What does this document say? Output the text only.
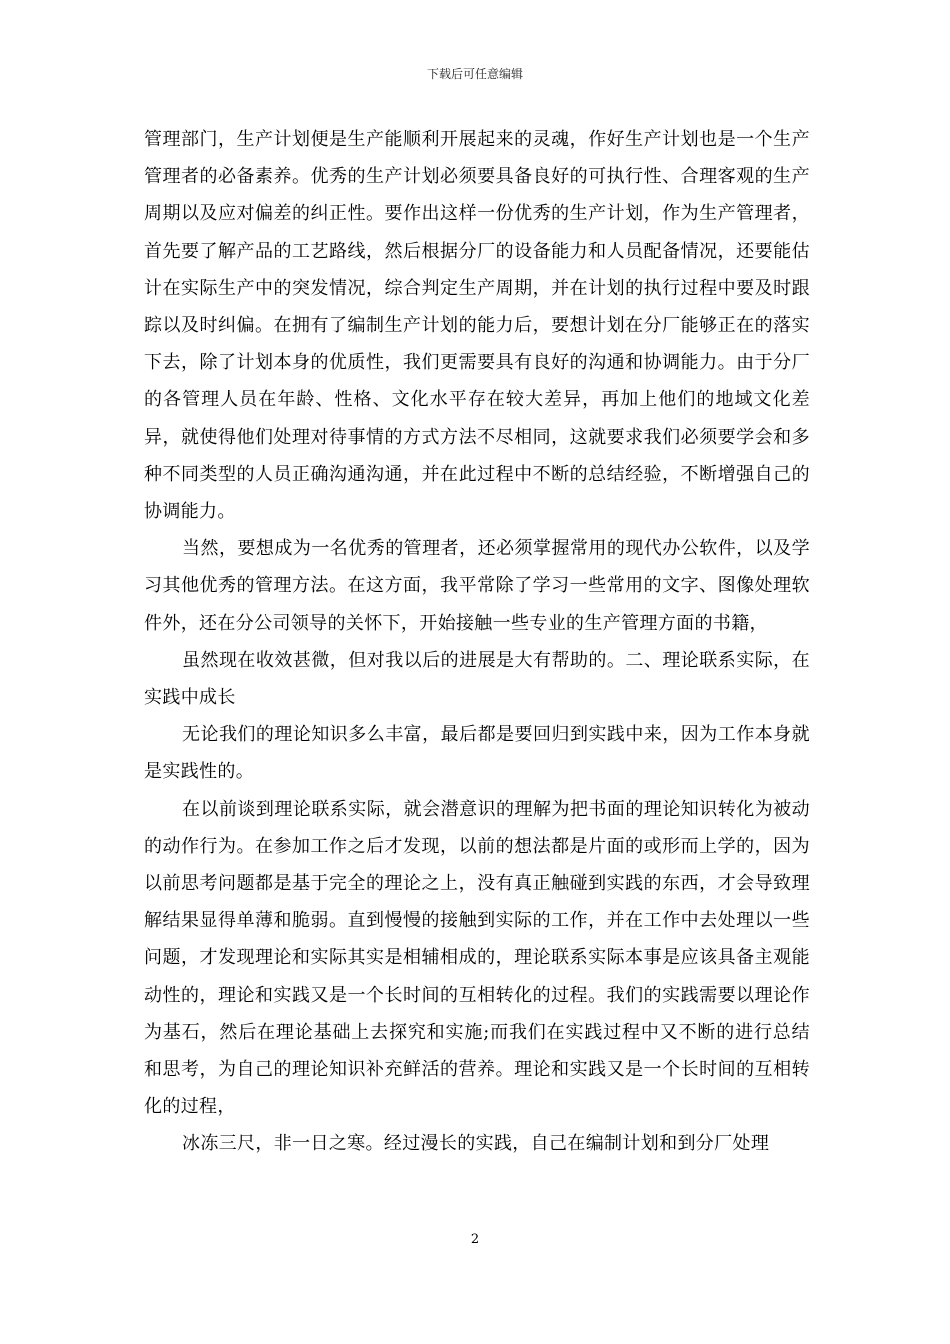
下载后可任意编辑

管理部门，生产计划便是生产能顺利开展起来的灵魂，作好生产计划也是一个生产管理者的必备素养。优秀的生产计划必须要具备良好的可执行性、合理客观的生产周期以及应对偏差的纠正性。要作出这样一份优秀的生产计划，作为生产管理者，首先要了解产品的工艺路线，然后根据分厂的设备能力和人员配备情况，还要能估计在实际生产中的突发情况，综合判定生产周期，并在计划的执行过程中要及时跟踪以及时纠偏。在拥有了编制生产计划的能力后，要想计划在分厂能够正在的落实下去，除了计划本身的优质性，我们更需要具有良好的沟通和协调能力。由于分厂的各管理人员在年龄、性格、文化水平存在较大差异，再加上他们的地域文化差异，就使得他们处理对待事情的方式方法不尽相同，这就要求我们必须要学会和多种不同类型的人员正确沟通沟通，并在此过程中不断的总结经验，不断增强自己的协调能力。

当然，要想成为一名优秀的管理者，还必须掌握常用的现代办公软件，以及学习其他优秀的管理方法。在这方面，我平常除了学习一些常用的文字、图像处理软件外，还在分公司领导的关怀下，开始接触一些专业的生产管理方面的书籍，

虽然现在收效甚微，但对我以后的进展是大有帮助的。二、理论联系实际，在实践中成长

无论我们的理论知识多么丰富，最后都是要回归到实践中来，因为工作本身就是实践性的。

在以前谈到理论联系实际，就会潜意识的理解为把书面的理论知识转化为被动的动作行为。在参加工作之后才发现，以前的想法都是片面的或形而上学的，因为以前思考问题都是基于完全的理论之上，没有真正触碰到实践的东西，才会导致理解结果显得单薄和脆弱。直到慢慢的接触到实际的工作，并在工作中去处理以一些问题，才发现理论和实际其实是相辅相成的，理论联系实际本事是应该具备主观能动性的，理论和实践又是一个长时间的互相转化的过程。我们的实践需要以理论作为基石，然后在理论基础上去探究和实施;而我们在实践过程中又不断的进行总结和思考，为自己的理论知识补充鲜活的营养。理论和实践又是一个长时间的互相转化的过程，

冰冻三尺，非一日之寒。经过漫长的实践，自己在编制计划和到分厂处理

2
